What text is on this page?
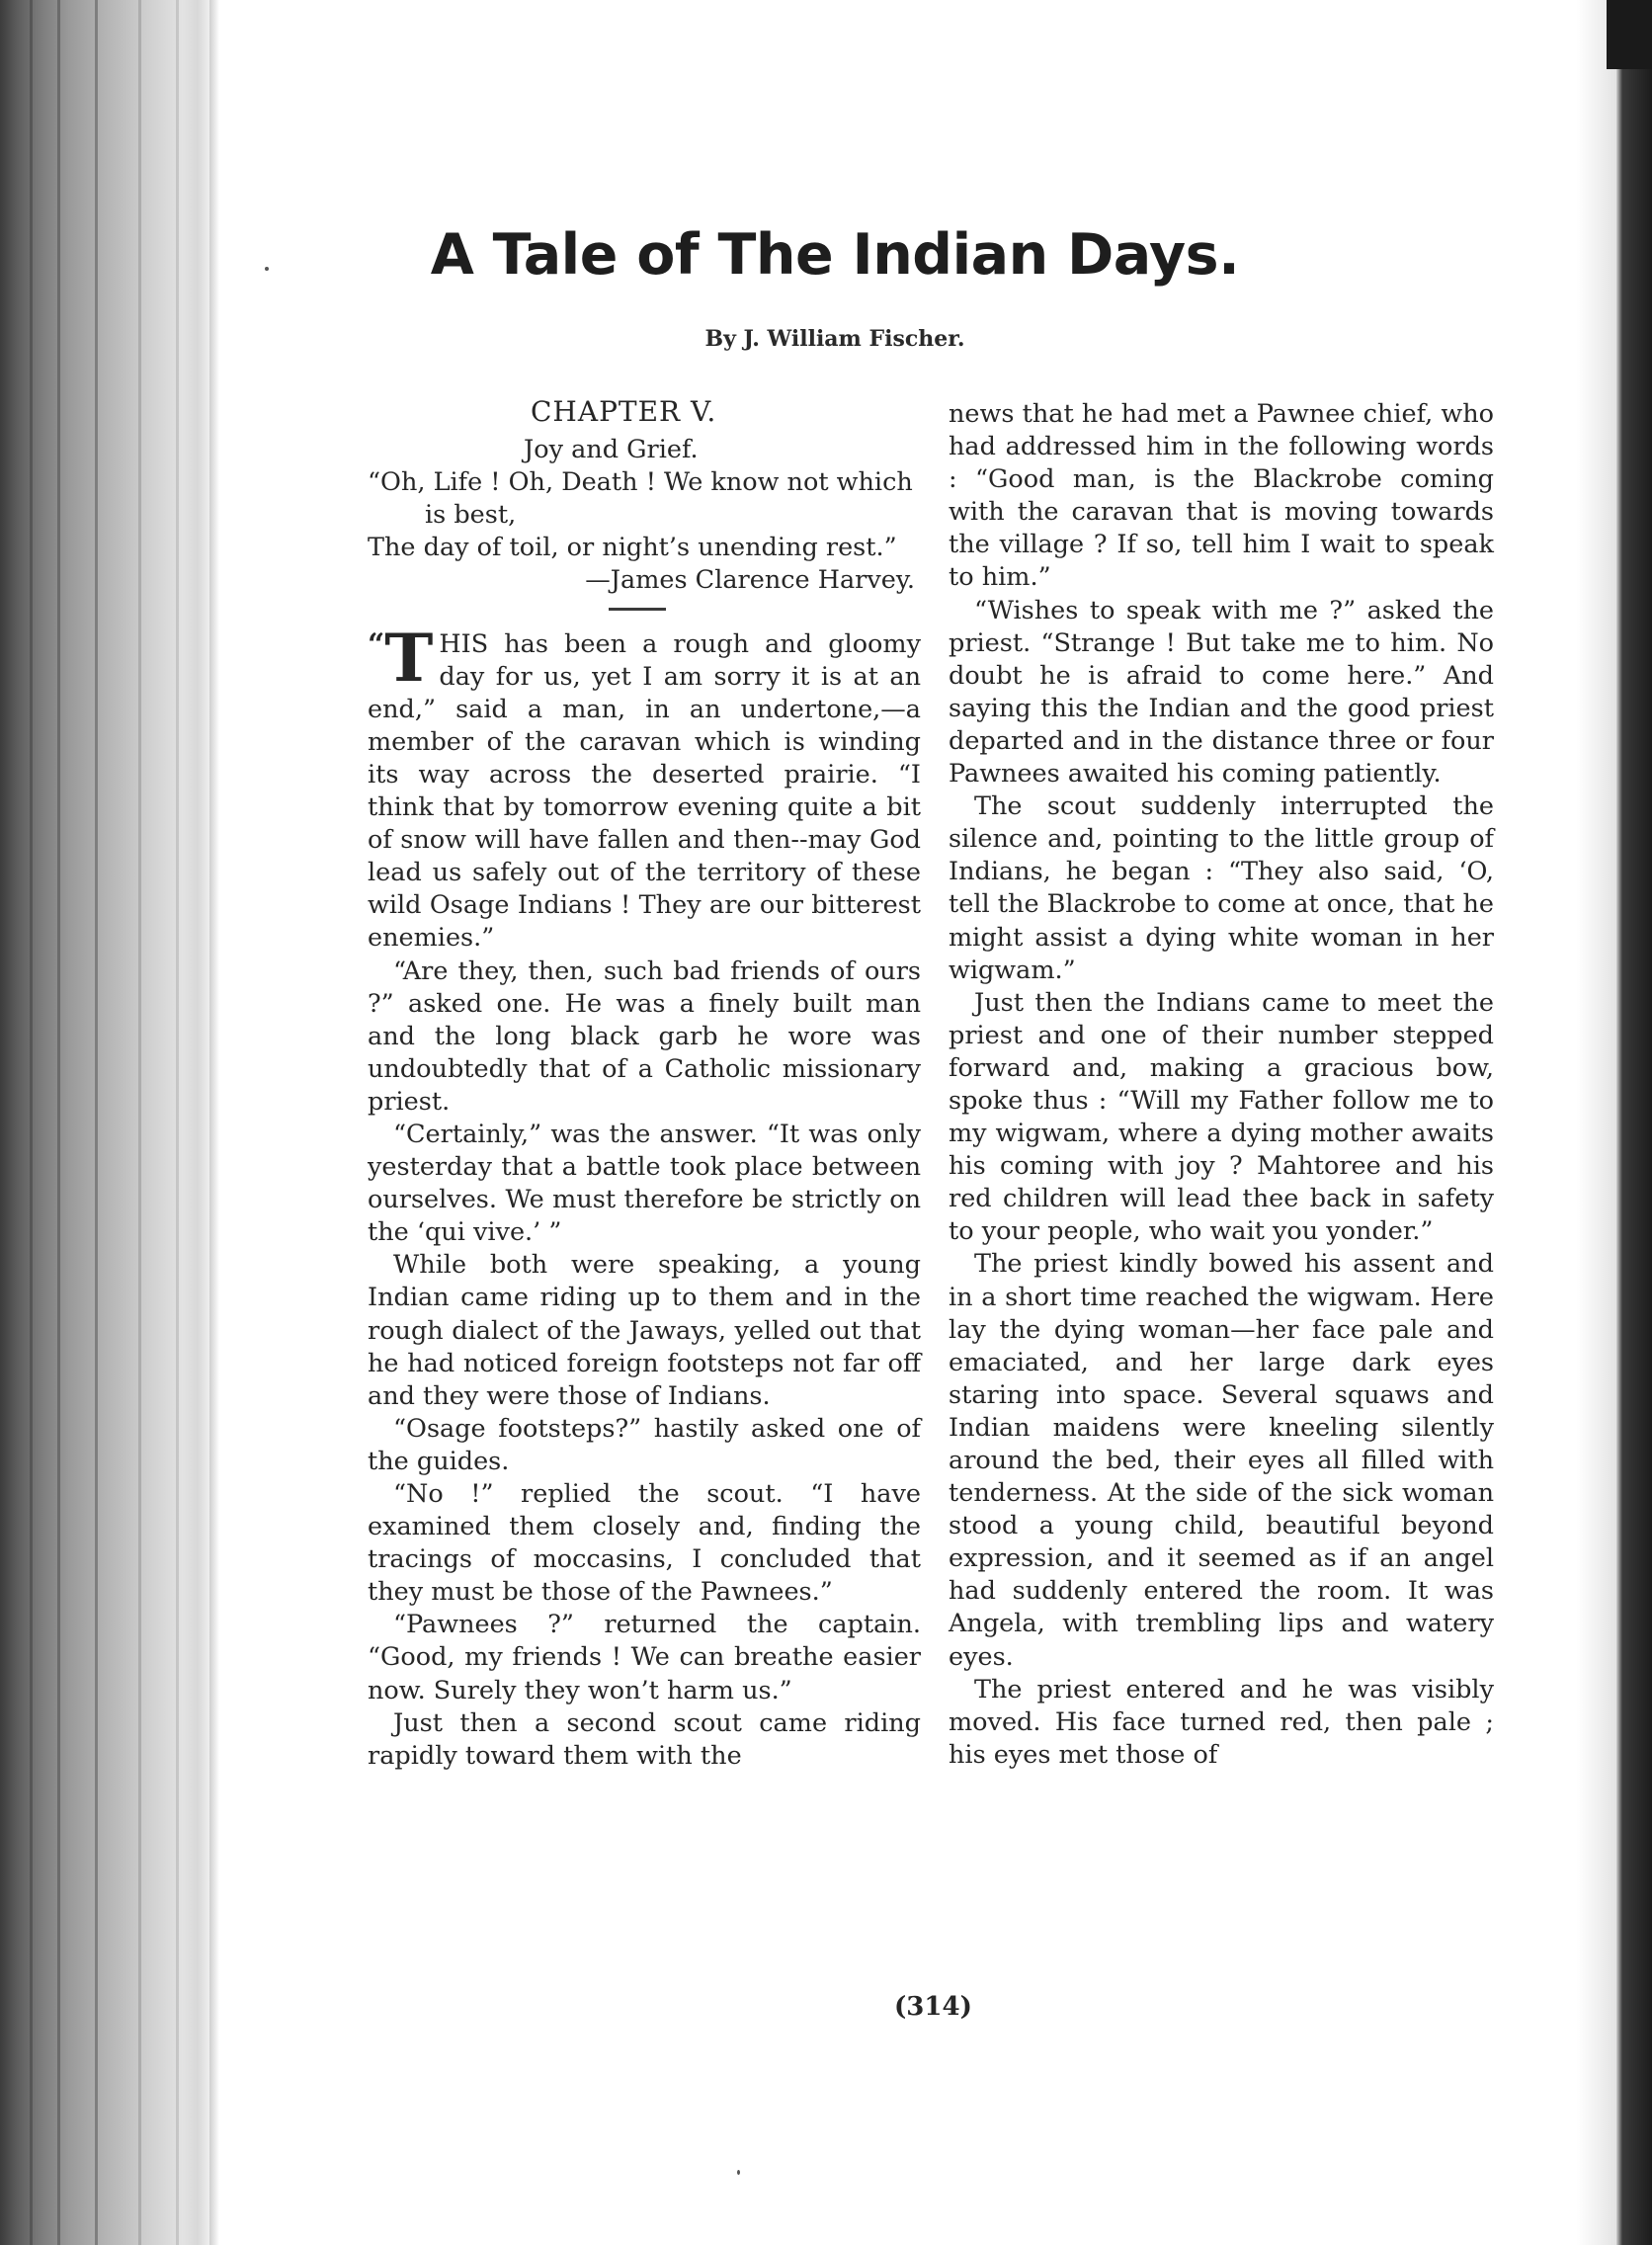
A Tale of The Indian Days.

By J. William Fischer.

CHAPTER V.

Joy and Grief.

“Oh, Life ! Oh, Death ! We know not which is best,

The day of toil, or night’s unending rest.”

—James Clarence Harvey.

“T HIS has been a rough and gloomy day for us, yet I am sorry it is at an end,” said a man, in an undertone,—a member of the caravan which is winding its way across the deserted prairie. “I think that by tomorrow evening quite a bit of snow will have fallen and then--may God lead us safely out of the territory of these wild Osage Indians ! They are our bitterest enemies.”

“Are they, then, such bad friends of ours ?” asked one. He was a finely built man and the long black garb he wore was undoubtedly that of a Catholic missionary priest.

“Certainly,” was the answer. “It was only yesterday that a battle took place between ourselves. We must therefore be strictly on the ‘qui vive.’ ”

While both were speaking, a young Indian came riding up to them and in the rough dialect of the Jaways, yelled out that he had noticed foreign footsteps not far off and they were those of Indians.

“Osage footsteps?” hastily asked one of the guides.

“No !” replied the scout. “I have examined them closely and, finding the tracings of moccasins, I concluded that they must be those of the Pawnees.”

“Pawnees ?” returned the captain. “Good, my friends ! We can breathe easier now. Surely they won’t harm us.”

Just then a second scout came riding rapidly toward them with the

news that he had met a Pawnee chief, who had addressed him in the following words : “Good man, is the Blackrobe coming with the caravan that is moving towards the village ? If so, tell him I wait to speak to him.”

“Wishes to speak with me ?” asked the priest. “Strange ! But take me to him. No doubt he is afraid to come here.” And saying this the Indian and the good priest departed and in the distance three or four Pawnees awaited his coming patiently.

The scout suddenly interrupted the silence and, pointing to the little group of Indians, he began : “They also said, ‘O, tell the Blackrobe to come at once, that he might assist a dying white woman in her wigwam.”

Just then the Indians came to meet the priest and one of their number stepped forward and, making a gracious bow, spoke thus : “Will my Father follow me to my wigwam, where a dying mother awaits his coming with joy ? Mahtoree and his red children will lead thee back in safety to your people, who wait you yonder.”

The priest kindly bowed his assent and in a short time reached the wigwam. Here lay the dying woman—her face pale and emaciated, and her large dark eyes staring into space. Several squaws and Indian maidens were kneeling silently around the bed, their eyes all filled with tenderness. At the side of the sick woman stood a young child, beautiful beyond expression, and it seemed as if an angel had suddenly entered the room. It was Angela, with trembling lips and watery eyes.

The priest entered and he was visibly moved. His face turned red, then pale ; his eyes met those of

(314)
